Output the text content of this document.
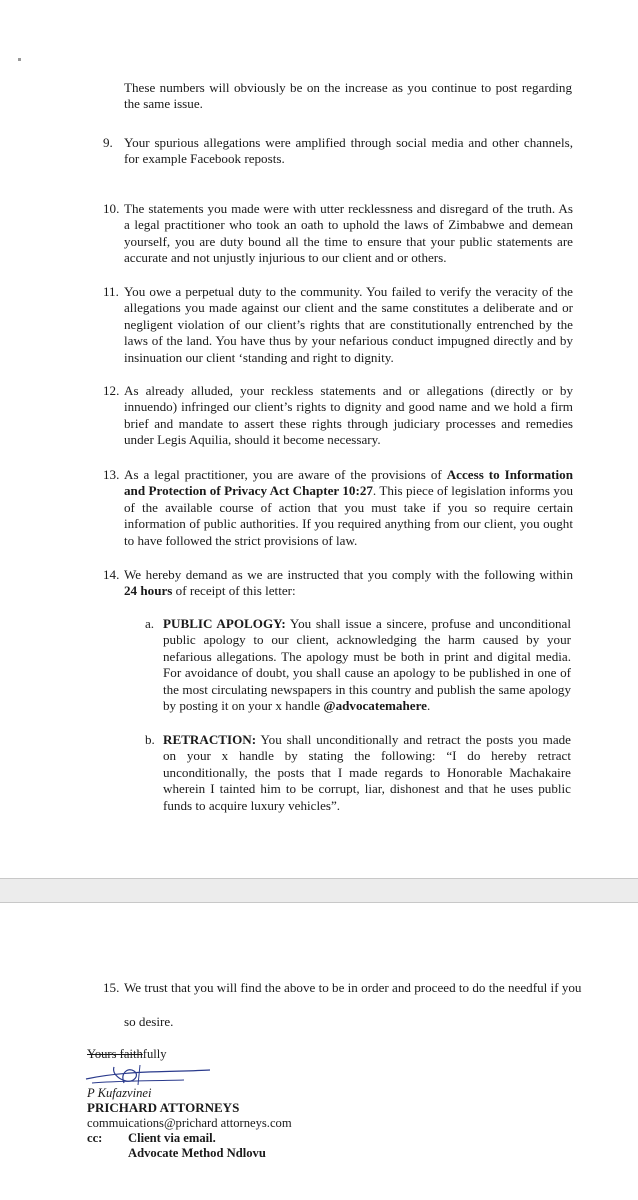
These numbers will obviously be on the increase as you continue to post regarding the same issue.
9. Your spurious allegations were amplified through social media and other channels, for example Facebook reposts.
10. The statements you made were with utter recklessness and disregard of the truth. As a legal practitioner who took an oath to uphold the laws of Zimbabwe and demean yourself, you are duty bound all the time to ensure that your public statements are accurate and not unjustly injurious to our client and or others.
11. You owe a perpetual duty to the community. You failed to verify the veracity of the allegations you made against our client and the same constitutes a deliberate and or negligent violation of our client’s rights that are constitutionally entrenched by the laws of the land. You have thus by your nefarious conduct impugned directly and by insinuation our client ‘standing and right to dignity.
12. As already alluded, your reckless statements and or allegations (directly or by innuendo) infringed our client’s rights to dignity and good name and we hold a firm brief and mandate to assert these rights through judiciary processes and remedies under Legis Aquilia, should it become necessary.
13. As a legal practitioner, you are aware of the provisions of Access to Information and Protection of Privacy Act Chapter 10:27. This piece of legislation informs you of the available course of action that you must take if you so require certain information of public authorities. If you required anything from our client, you ought to have followed the strict provisions of law.
14. We hereby demand as we are instructed that you comply with the following within 24 hours of receipt of this letter:
a. PUBLIC APOLOGY: You shall issue a sincere, profuse and unconditional public apology to our client, acknowledging the harm caused by your nefarious allegations. The apology must be both in print and digital media. For avoidance of doubt, you shall cause an apology to be published in one of the most circulating newspapers in this country and publish the same apology by posting it on your x handle @advocatemahere.
b. RETRACTION: You shall unconditionally and retract the posts you made on your x handle by stating the following: “I do hereby retract unconditionally, the posts that I made regards to Honorable Machakaire wherein I tainted him to be corrupt, liar, dishonest and that he uses public funds to acquire luxury vehicles”.
15. We trust that you will find the above to be in order and proceed to do the needful if you
so desire.
Yours faithfully
P Kufazvinei
PRICHARD ATTORNEYS
commuications@prichard attorneys.com
cc: Client via email.
Advocate Method Ndlovu
